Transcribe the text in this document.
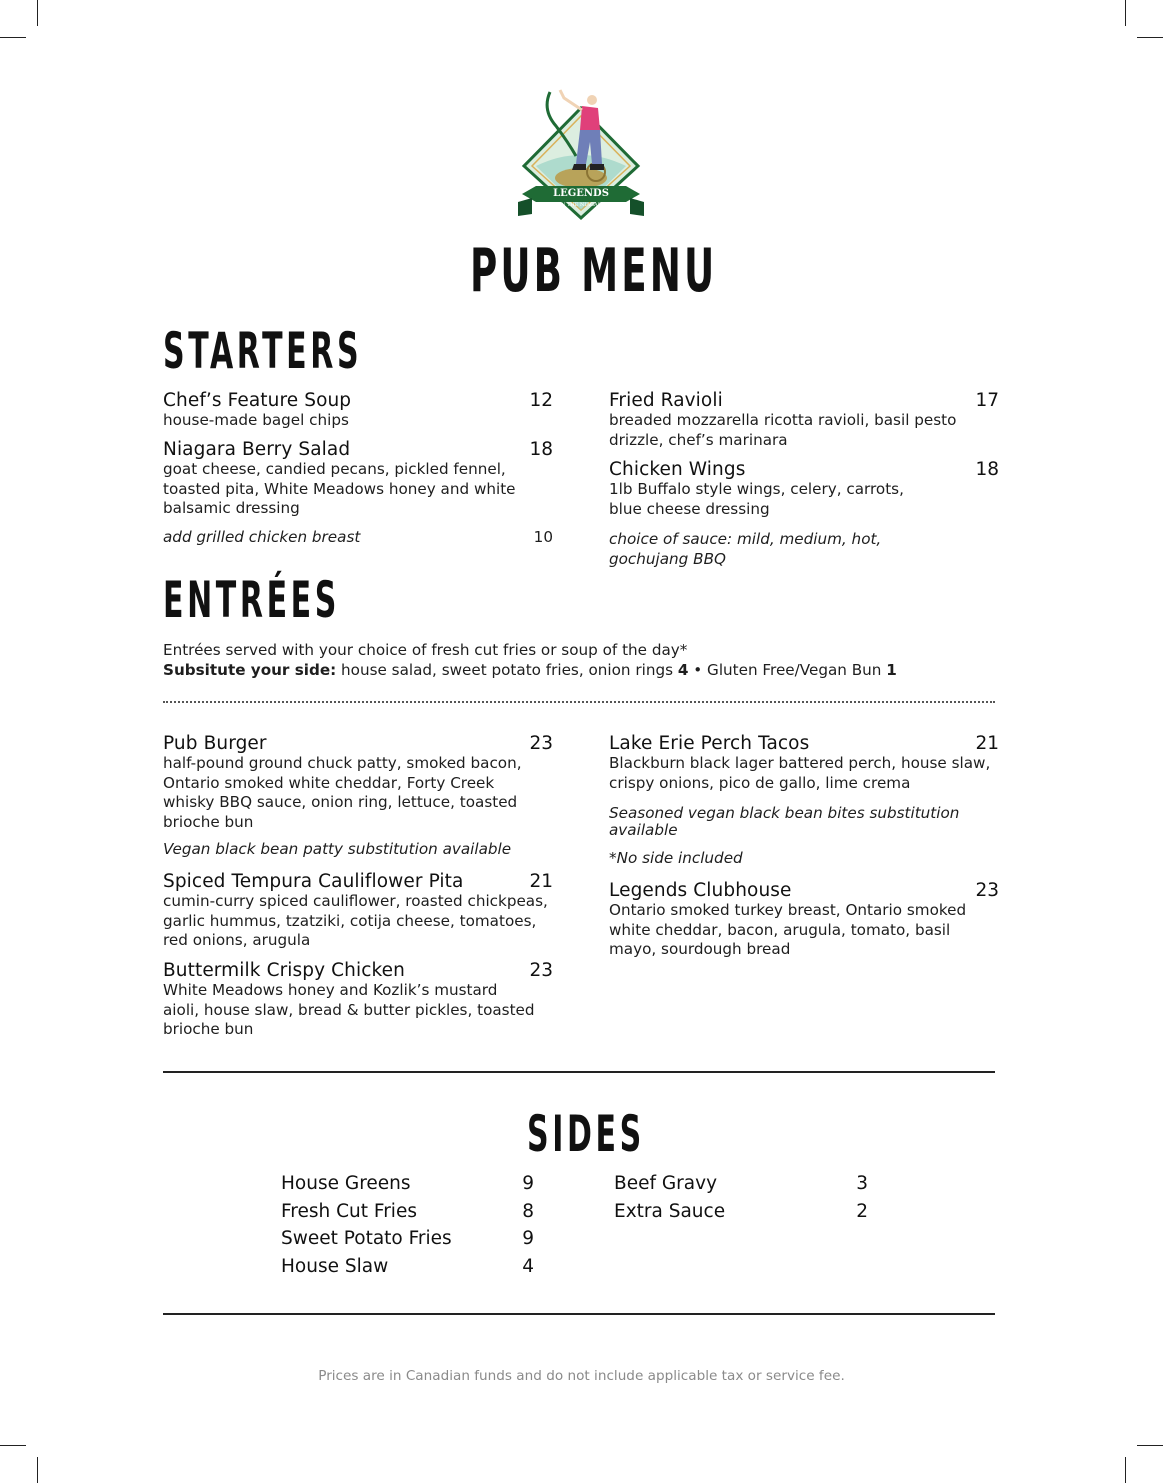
LEGENDS
ON THE NIAGARA
PUB MENU
STARTERS
Chef’s Feature Soup	12
house-made bagel chips
Niagara Berry Salad	18
goat cheese, candied pecans, pickled fennel, toasted pita, White Meadows honey and white balsamic dressing
add grilled chicken breast	10
Fried Ravioli	17
breaded mozzarella ricotta ravioli, basil pesto drizzle, chef’s marinara
Chicken Wings	18
1lb Buffalo style wings, celery, carrots, blue cheese dressing
choice of sauce: mild, medium, hot, gochujang BBQ
ENTRÉES
Entrées served with your choice of fresh cut fries or soup of the day*
Subsitute your side: house salad, sweet potato fries, onion rings 4 • Gluten Free/Vegan Bun 1
Pub Burger	23
half-pound ground chuck patty, smoked bacon, Ontario smoked white cheddar, Forty Creek whisky BBQ sauce, onion ring, lettuce, toasted brioche bun
Vegan black bean patty substitution available
Spiced Tempura Cauliflower Pita	21
cumin-curry spiced cauliflower, roasted chickpeas, garlic hummus, tzatziki, cotija cheese, tomatoes, red onions, arugula
Buttermilk Crispy Chicken	23
White Meadows honey and Kozlik’s mustard aioli, house slaw, bread & butter pickles, toasted brioche bun
Lake Erie Perch Tacos	21
Blackburn black lager battered perch, house slaw, crispy onions, pico de gallo, lime crema
Seasoned vegan black bean bites substitution available
*No side included
Legends Clubhouse	23
Ontario smoked turkey breast, Ontario smoked white cheddar, bacon, arugula, tomato, basil mayo, sourdough bread
SIDES
House Greens	9
Fresh Cut Fries	8
Sweet Potato Fries	9
House Slaw	4
Beef Gravy	3
Extra Sauce	2
Prices are in Canadian funds and do not include applicable tax or service fee.
